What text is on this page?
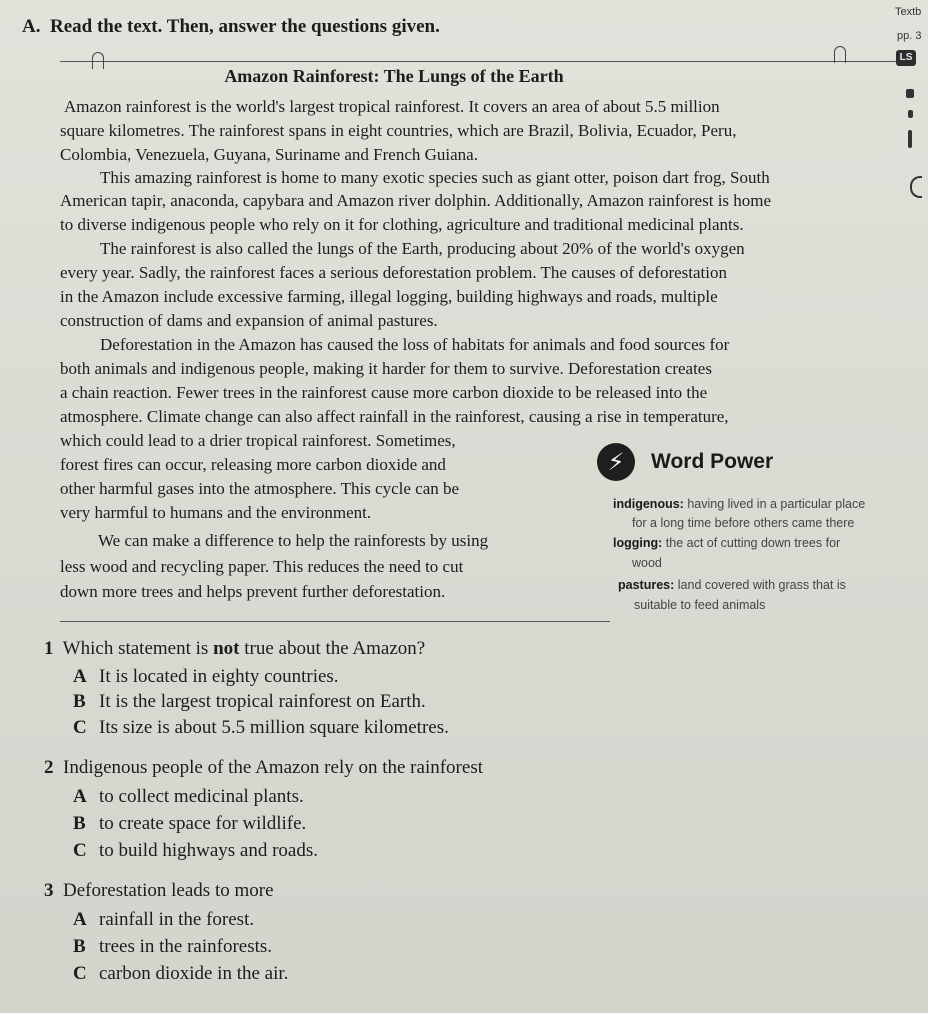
A. Read the text. Then, answer the questions given.
Textb
pp. 3
LS
Amazon Rainforest: The Lungs of the Earth
Amazon rainforest is the world's largest tropical rainforest. It covers an area of about 5.5 million
square kilometres. The rainforest spans in eight countries, which are Brazil, Bolivia, Ecuador, Peru,
Colombia, Venezuela, Guyana, Suriname and French Guiana.
This amazing rainforest is home to many exotic species such as giant otter, poison dart frog, South
American tapir, anaconda, capybara and Amazon river dolphin. Additionally, Amazon rainforest is home
to diverse indigenous people who rely on it for clothing, agriculture and traditional medicinal plants.
The rainforest is also called the lungs of the Earth, producing about 20% of the world's oxygen
every year. Sadly, the rainforest faces a serious deforestation problem. The causes of deforestation
in the Amazon include excessive farming, illegal logging, building highways and roads, multiple
construction of dams and expansion of animal pastures.
Deforestation in the Amazon has caused the loss of habitats for animals and food sources for
both animals and indigenous people, making it harder for them to survive. Deforestation creates
a chain reaction. Fewer trees in the rainforest cause more carbon dioxide to be released into the
atmosphere. Climate change can also affect rainfall in the rainforest, causing a rise in temperature,
which could lead to a drier tropical rainforest. Sometimes,
forest fires can occur, releasing more carbon dioxide and
other harmful gases into the atmosphere. This cycle can be
very harmful to humans and the environment.
We can make a difference to help the rainforests by using
less wood and recycling paper. This reduces the need to cut
down more trees and helps prevent further deforestation.
⚡	Word Power
indigenous: having lived in a particular place
for a long time before others came there
logging: the act of cutting down trees for
wood
pastures: land covered with grass that is
suitable to feed animals
1 Which statement is not true about the Amazon?
A It is located in eighty countries.
B It is the largest tropical rainforest on Earth.
C Its size is about 5.5 million square kilometres.
2 Indigenous people of the Amazon rely on the rainforest
A to collect medicinal plants.
B to create space for wildlife.
C to build highways and roads.
3 Deforestation leads to more
A rainfall in the forest.
B trees in the rainforests.
C carbon dioxide in the air.
